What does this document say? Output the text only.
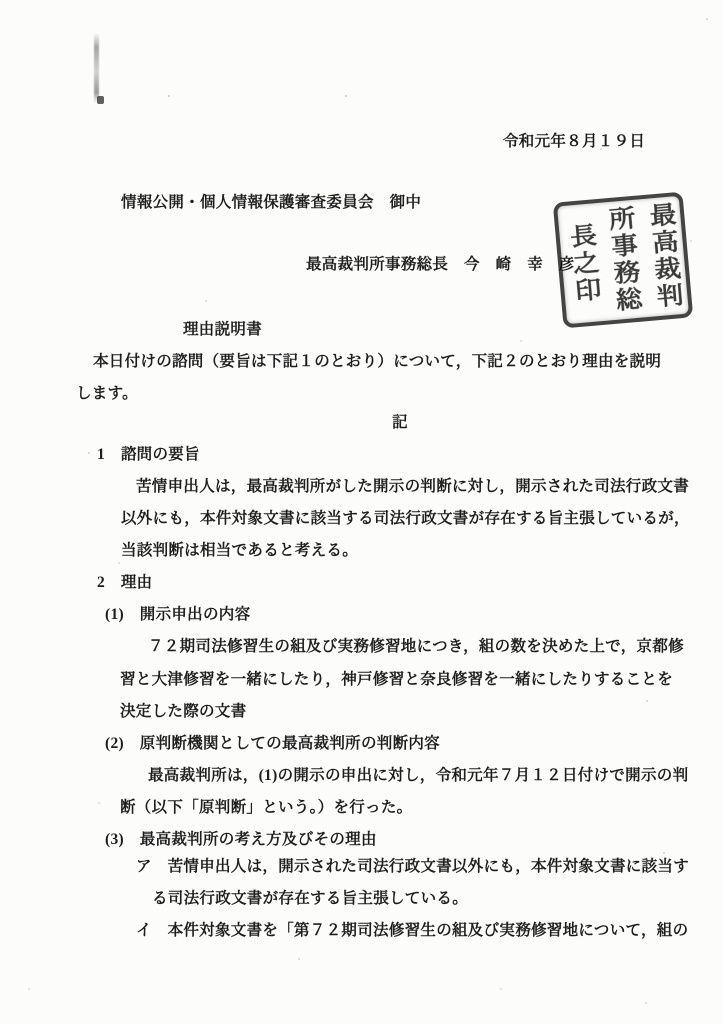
令和元年８月１９日
情報公開・個人情報保護審査委員会　御中
最高裁判所事務総長　今　崎　幸　彦	最高裁判
所事務総
長之印
理由説明書
本日付けの諮問（要旨は下記１のとおり）について，下記２のとおり理由を説明
します。
記
1　諮問の要旨
苦情申出人は，最高裁判所がした開示の判断に対し，開示された司法行政文書
以外にも，本件対象文書に該当する司法行政文書が存在する旨主張しているが，
当該判断は相当であると考える。
2　理由
(1)　開示申出の内容
７２期司法修習生の組及び実務修習地につき，組の数を決めた上で，京都修
習と大津修習を一緒にしたり，神戸修習と奈良修習を一緒にしたりすることを
決定した際の文書
(2)　原判断機関としての最高裁判所の判断内容
最高裁判所は，(1)の開示の申出に対し，令和元年７月１２日付けで開示の判
断（以下「原判断」という。）を行った。
(3)　最高裁判所の考え方及びその理由
ア　苦情申出人は，開示された司法行政文書以外にも，本件対象文書に該当す
る司法行政文書が存在する旨主張している。
イ　本件対象文書を「第７２期司法修習生の組及び実務修習地について，組の
